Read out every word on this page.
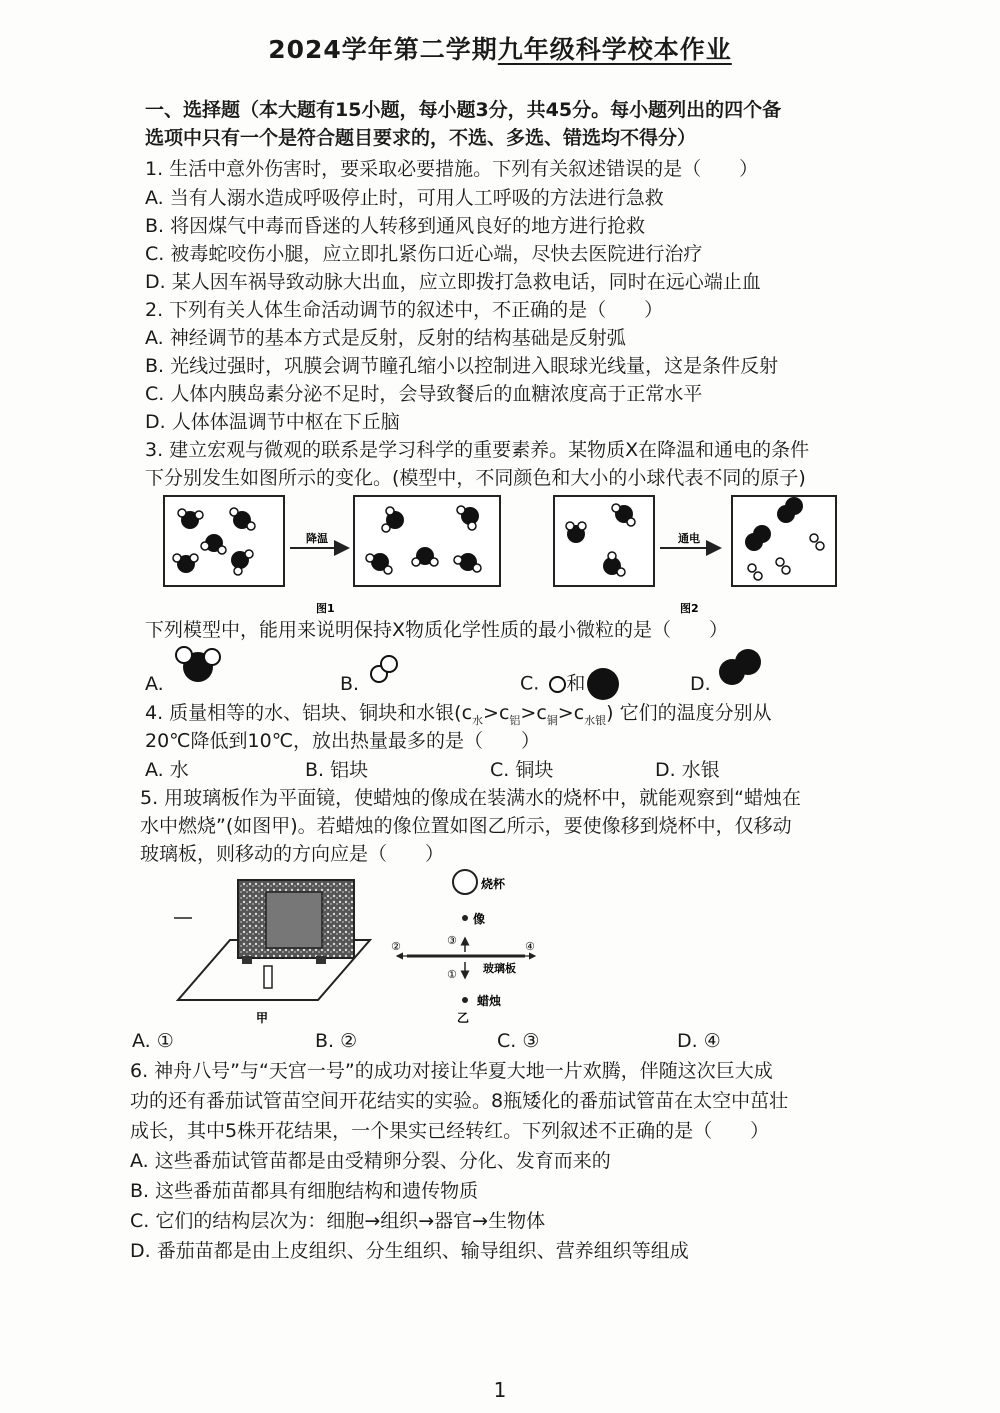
2024学年第二学期九年级科学校本作业
一、选择题（本大题有15小题，每小题3分，共45分。每小题列出的四个备
选项中只有一个是符合题目要求的，不选、多选、错选均不得分）
1. 生活中意外伤害时，要采取必要措施。下列有关叙述错误的是（　　）
A. 当有人溺水造成呼吸停止时，可用人工呼吸的方法进行急救
B. 将因煤气中毒而昏迷的人转移到通风良好的地方进行抢救
C. 被毒蛇咬伤小腿，应立即扎紧伤口近心端，尽快去医院进行治疗
D. 某人因车祸导致动脉大出血，应立即拨打急救电话，同时在远心端止血
2. 下列有关人体生命活动调节的叙述中，不正确的是（　　）
A. 神经调节的基本方式是反射，反射的结构基础是反射弧
B. 光线过强时，巩膜会调节瞳孔缩小以控制进入眼球光线量，这是条件反射
C. 人体内胰岛素分泌不足时，会导致餐后的血糖浓度高于正常水平
D. 人体体温调节中枢在下丘脑
3. 建立宏观与微观的联系是学习科学的重要素养。某物质X在降温和通电的条件
下分别发生如图所示的变化。(模型中，不同颜色和大小的小球代表不同的原子)
降温	通电
图1	图2
下列模型中，能用来说明保持X物质化学性质的最小微粒的是（　　）
A.	B.	C. 和	D.
4. 质量相等的水、铝块、铜块和水银$(c_水>c_铝>c_铜>c_{水银})$ 它们的温度分别从
20℃降低到10℃，放出热量最多的是（　　）
A. 水	B. 铝块	C. 铜块	D. 水银
5. 用玻璃板作为平面镜，使蜡烛的像成在装满水的烧杯中，就能观察到“蜡烛在
水中燃烧”(如图甲)。若蜡烛的像位置如图乙所示，要使像移到烧杯中，仅移动
玻璃板，则移动的方向应是（　　）
甲
烧杯
像
③
②	④
玻璃板
①
蜡烛
乙
A. ①	B. ②	C. ③	D. ④
6. 神舟八号”与“天宫一号”的成功对接让华夏大地一片欢腾，伴随这次巨大成
功的还有番茄试管苗空间开花结实的实验。8瓶矮化的番茄试管苗在太空中茁壮
成长，其中5株开花结果，一个果实已经转红。下列叙述不正确的是（　　）
A. 这些番茄试管苗都是由受精卵分裂、分化、发育而来的
B. 这些番茄苗都具有细胞结构和遗传物质
C. 它们的结构层次为：细胞→组织→器官→生物体
D. 番茄苗都是由上皮组织、分生组织、输导组织、营养组织等组成
1
